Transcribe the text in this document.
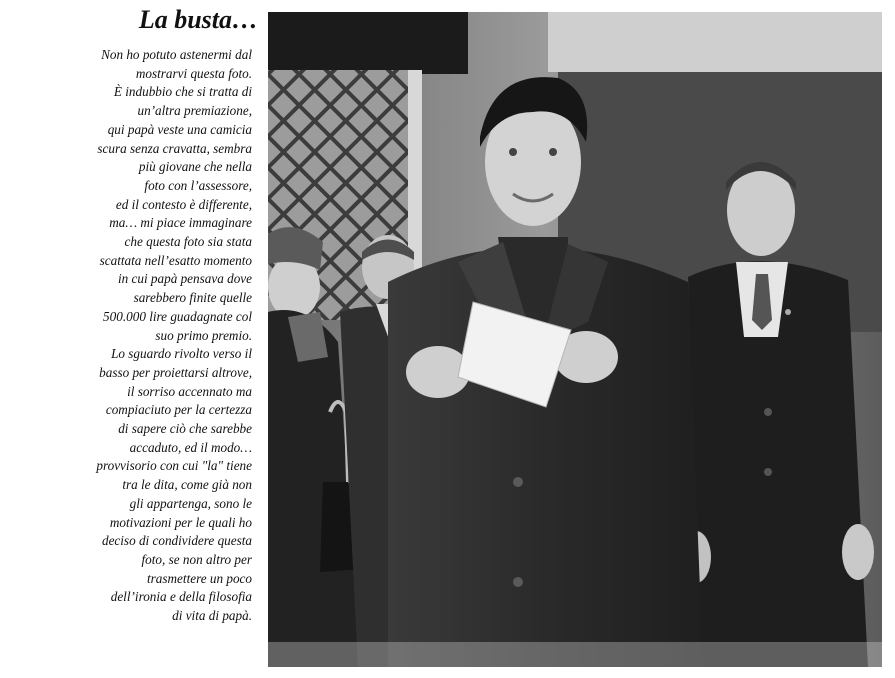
La busta…
Non ho potuto astenermi dal
mostrarvi questa foto.
È indubbio che si tratta di
un’altra premiazione,
qui papà veste una camicia
scura senza cravatta, sembra
più giovane che nella
foto con l’assessore,
ed il contesto è differente,
ma… mi piace immaginare
che questa foto sia stata
scattata nell’esatto momento
in cui papà pensava dove
sarebbero finite quelle
500.000 lire guadagnate col
suo primo premio.
Lo sguardo rivolto verso il
basso per proiettarsi altrove,
il sorriso accennato ma
compiaciuto per la certezza
di sapere ciò che sarebbe
accaduto, ed il modo…
provvisorio con cui "la" tiene
tra le dita, come già non
gli appartenga, sono le
motivazioni per le quali ho
deciso di condividere questa
foto, se non altro per
trasmettere un poco
dell’ironia e della filosofia
di vita di papà.
